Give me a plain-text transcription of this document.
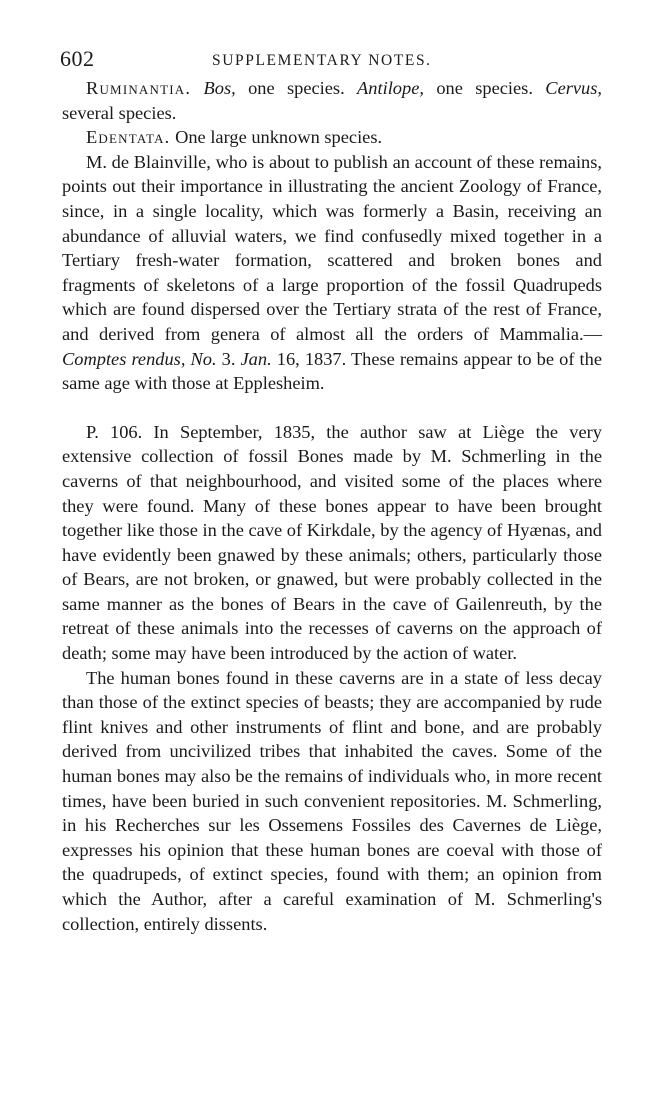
602	SUPPLEMENTARY NOTES.

Ruminantia. Bos, one species. Antilope, one species. Cervus, several species.

Edentata. One large unknown species.

M. de Blainville, who is about to publish an account of these remains, points out their importance in illustrating the ancient Zoology of France, since, in a single locality, which was formerly a Basin, receiving an abundance of alluvial waters, we find confusedly mixed together in a Tertiary fresh-water formation, scattered and broken bones and fragments of skeletons of a large proportion of the fossil Quadrupeds which are found dispersed over the Tertiary strata of the rest of France, and derived from genera of almost all the orders of Mammalia.—Comptes rendus, No. 3. Jan. 16, 1837. These remains appear to be of the same age with those at Epplesheim.

P. 106. In September, 1835, the author saw at Liège the very extensive collection of fossil Bones made by M. Schmerling in the caverns of that neighbourhood, and visited some of the places where they were found. Many of these bones appear to have been brought together like those in the cave of Kirkdale, by the agency of Hyænas, and have evidently been gnawed by these animals; others, particularly those of Bears, are not broken, or gnawed, but were probably collected in the same manner as the bones of Bears in the cave of Gailenreuth, by the retreat of these animals into the recesses of caverns on the approach of death; some may have been introduced by the action of water.

The human bones found in these caverns are in a state of less decay than those of the extinct species of beasts; they are accompanied by rude flint knives and other instruments of flint and bone, and are probably derived from uncivilized tribes that inhabited the caves. Some of the human bones may also be the remains of individuals who, in more recent times, have been buried in such convenient repositories. M. Schmerling, in his Recherches sur les Ossemens Fossiles des Cavernes de Liège, expresses his opinion that these human bones are coeval with those of the quadrupeds, of extinct species, found with them; an opinion from which the Author, after a careful examination of M. Schmerling's collection, entirely dissents.
